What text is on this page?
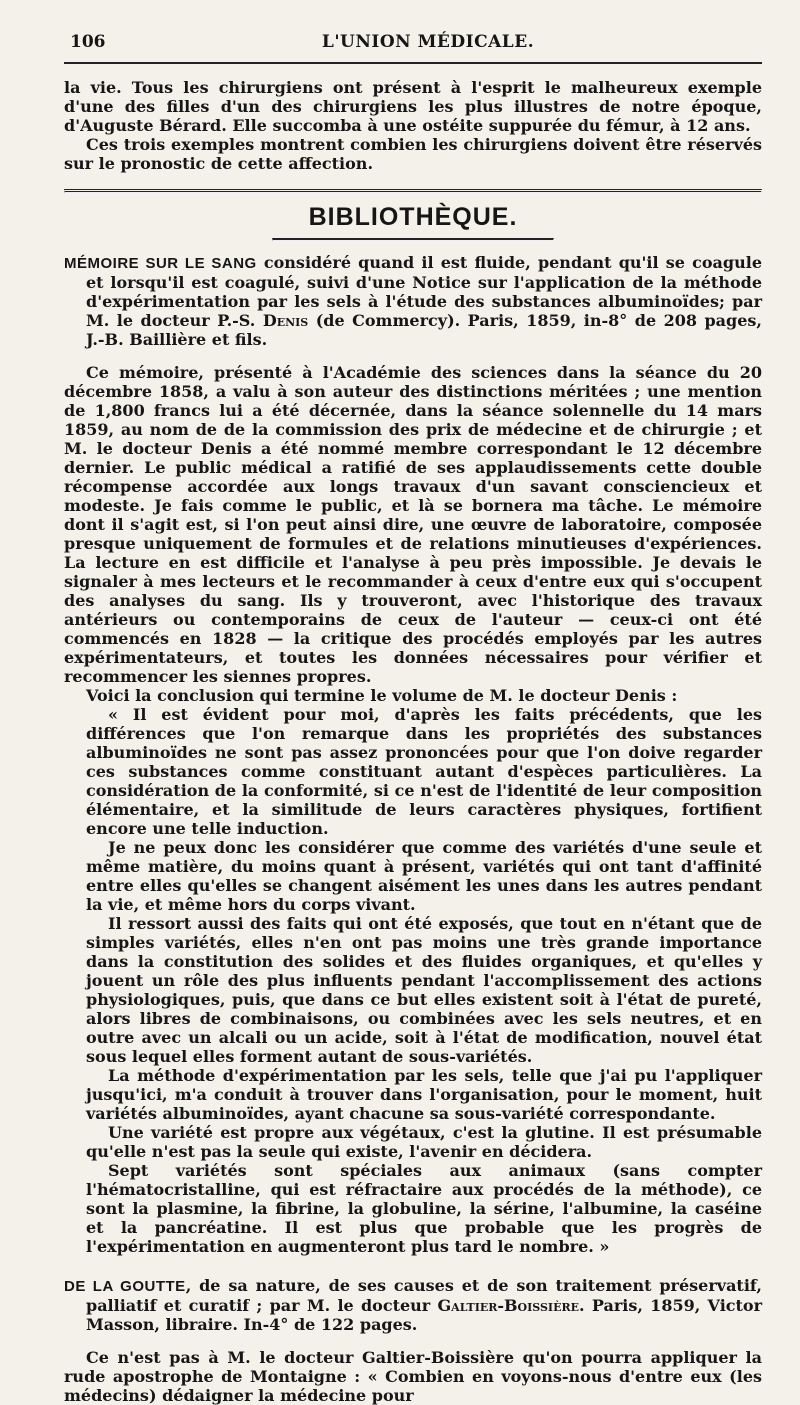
106	L'UNION MÉDICALE.

la vie. Tous les chirurgiens ont présent à l'esprit le malheureux exemple d'une des filles d'un des chirurgiens les plus illustres de notre époque, d'Auguste Bérard. Elle succomba à une ostéite suppurée du fémur, à 12 ans.

Ces trois exemples montrent combien les chirurgiens doivent être réservés sur le pronostic de cette affection.

BIBLIOTHÈQUE.

MÉMOIRE SUR LE SANG considéré quand il est fluide, pendant qu'il se coagule et lorsqu'il est coagulé, suivi d'une Notice sur l'application de la méthode d'expérimentation par les sels à l'étude des substances albuminoïdes; par M. le docteur P.-S. Denis (de Commercy). Paris, 1859, in-8° de 208 pages, J.-B. Baillière et fils.

Ce mémoire, présenté à l'Académie des sciences dans la séance du 20 décembre 1858, a valu à son auteur des distinctions méritées ; une mention de 1,800 francs lui a été décernée, dans la séance solennelle du 14 mars 1859, au nom de de la commission des prix de médecine et de chirurgie ; et M. le docteur Denis a été nommé membre correspondant le 12 décembre dernier. Le public médical a ratifié de ses applaudissements cette double récompense accordée aux longs travaux d'un savant consciencieux et modeste. Je fais comme le public, et là se bornera ma tâche. Le mémoire dont il s'agit est, si l'on peut ainsi dire, une œuvre de laboratoire, composée presque uniquement de formules et de relations minutieuses d'expériences. La lecture en est difficile et l'analyse à peu près impossible. Je devais le signaler à mes lecteurs et le recommander à ceux d'entre eux qui s'occupent des analyses du sang. Ils y trouveront, avec l'historique des travaux antérieurs ou contemporains de ceux de l'auteur — ceux-ci ont été commencés en 1828 — la critique des procédés employés par les autres expérimentateurs, et toutes les données nécessaires pour vérifier et recommencer les siennes propres.

Voici la conclusion qui termine le volume de M. le docteur Denis :

« Il est évident pour moi, d'après les faits précédents, que les différences que l'on remarque dans les propriétés des substances albuminoïdes ne sont pas assez prononcées pour que l'on doive regarder ces substances comme constituant autant d'espèces particulières. La considération de la conformité, si ce n'est de l'identité de leur composition élémentaire, et la similitude de leurs caractères physiques, fortifient encore une telle induction.

Je ne peux donc les considérer que comme des variétés d'une seule et même matière, du moins quant à présent, variétés qui ont tant d'affinité entre elles qu'elles se changent aisément les unes dans les autres pendant la vie, et même hors du corps vivant.

Il ressort aussi des faits qui ont été exposés, que tout en n'étant que de simples variétés, elles n'en ont pas moins une très grande importance dans la constitution des solides et des fluides organiques, et qu'elles y jouent un rôle des plus influents pendant l'accomplissement des actions physiologiques, puis, que dans ce but elles existent soit à l'état de pureté, alors libres de combinaisons, ou combinées avec les sels neutres, et en outre avec un alcali ou un acide, soit à l'état de modification, nouvel état sous lequel elles forment autant de sous-variétés.

La méthode d'expérimentation par les sels, telle que j'ai pu l'appliquer jusqu'ici, m'a conduit à trouver dans l'organisation, pour le moment, huit variétés albuminoïdes, ayant chacune sa sous-variété correspondante.

Une variété est propre aux végétaux, c'est la glutine. Il est présumable qu'elle n'est pas la seule qui existe, l'avenir en décidera.

Sept variétés sont spéciales aux animaux (sans compter l'hématocristalline, qui est réfractaire aux procédés de la méthode), ce sont la plasmine, la fibrine, la globuline, la sérine, l'albumine, la caséine et la pancréatine. Il est plus que probable que les progrès de l'expérimentation en augmenteront plus tard le nombre. »

DE LA GOUTTE, de sa nature, de ses causes et de son traitement préservatif, palliatif et curatif ; par M. le docteur Galtier-Boissière. Paris, 1859, Victor Masson, libraire. In-4° de 122 pages.

Ce n'est pas à M. le docteur Galtier-Boissière qu'on pourra appliquer la rude apostrophe de Montaigne : « Combien en voyons-nous d'entre eux (les médecins) dédaigner la médecine pour
